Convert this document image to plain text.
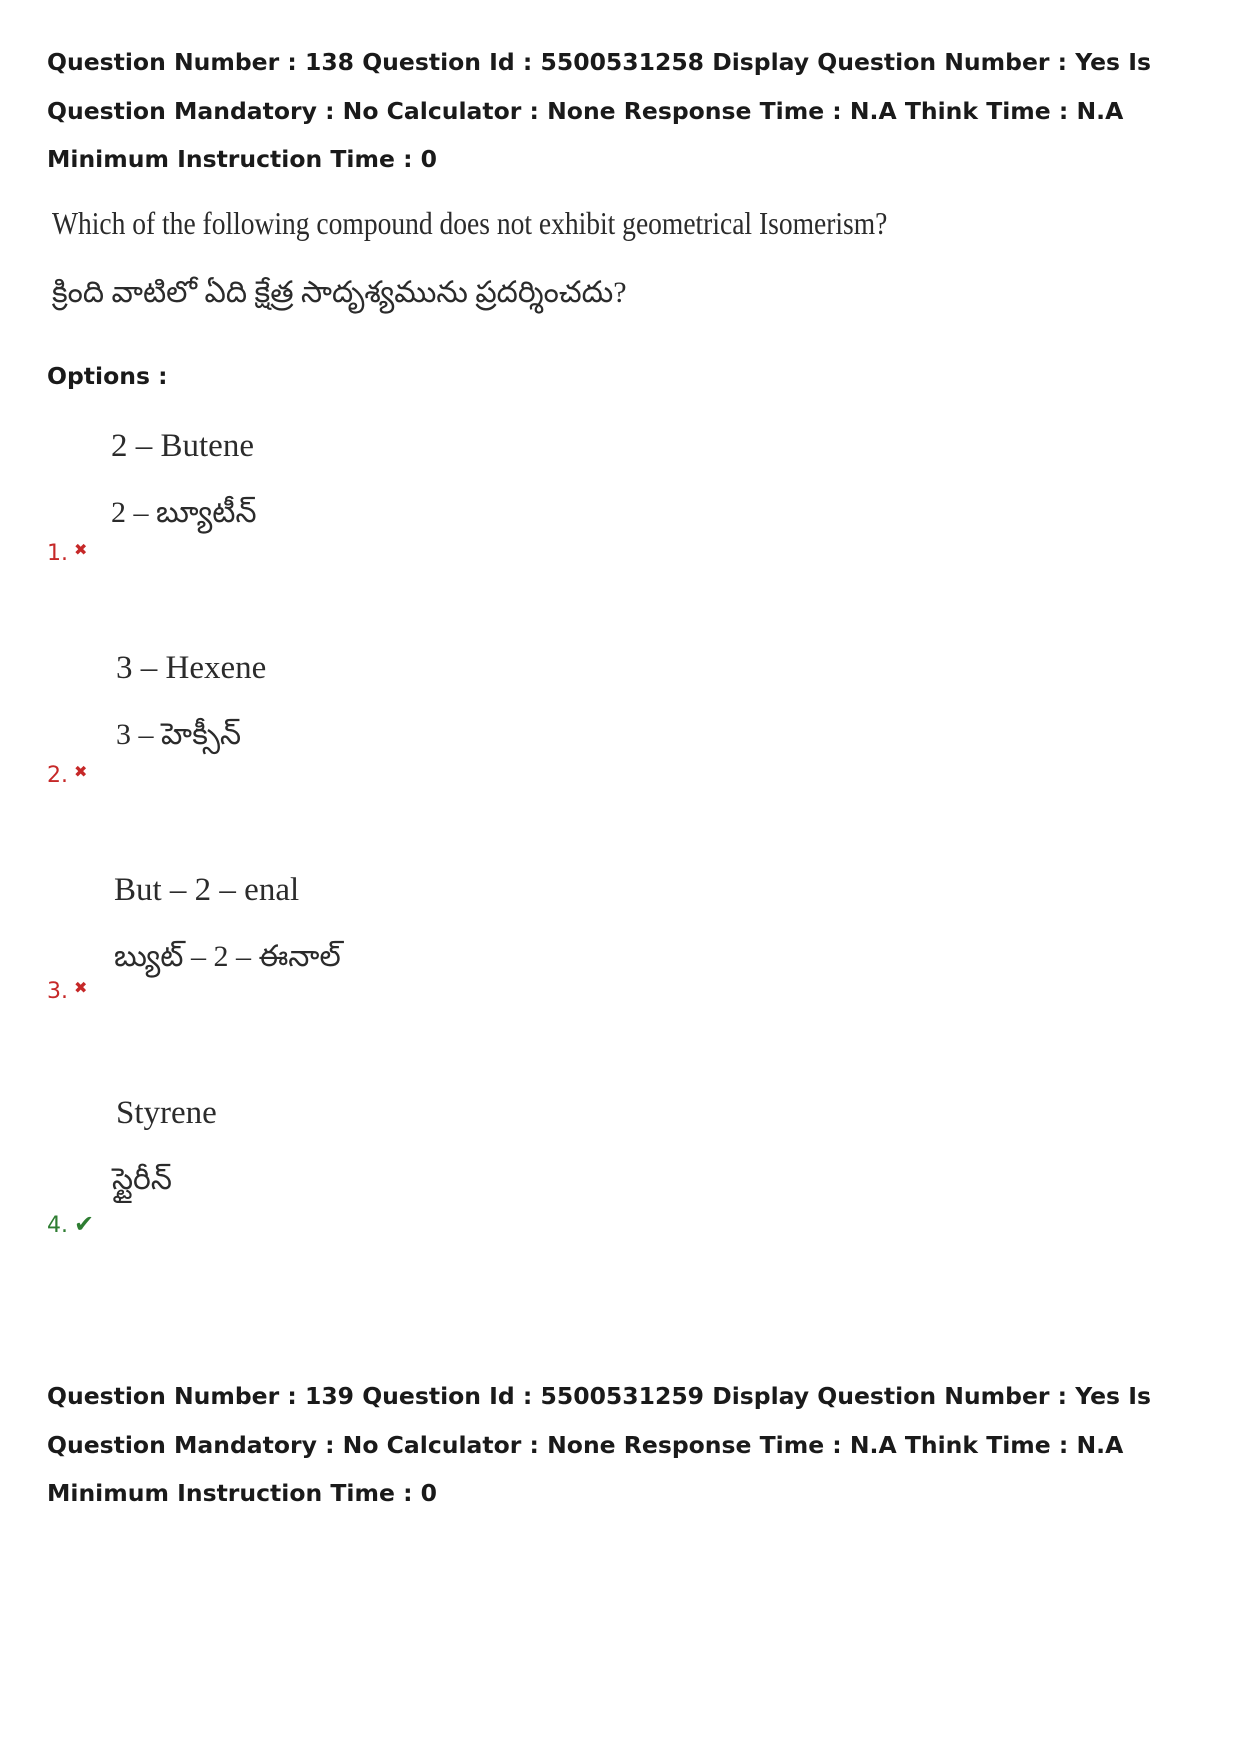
Question Number : 138 Question Id : 5500531258 Display Question Number : Yes Is Question Mandatory : No Calculator : None Response Time : N.A Think Time : N.A Minimum Instruction Time : 0
Which of the following compound does not exhibit geometrical Isomerism?
క్రింది వాటిలో ఏది క్షేత్ర సాదృశ్యమును ప్రదర్శించదు?
Options :
2 – Butene
2 – బ్యూటీన్
1. ✖
3 – Hexene
3 – హెక్సీన్
2. ✖
But – 2 – enal
బ్యుట్ – 2 – ఈనాల్
3. ✖
Styrene
స్టైరీన్
4. ✔
Question Number : 139 Question Id : 5500531259 Display Question Number : Yes Is Question Mandatory : No Calculator : None Response Time : N.A Think Time : N.A Minimum Instruction Time : 0
